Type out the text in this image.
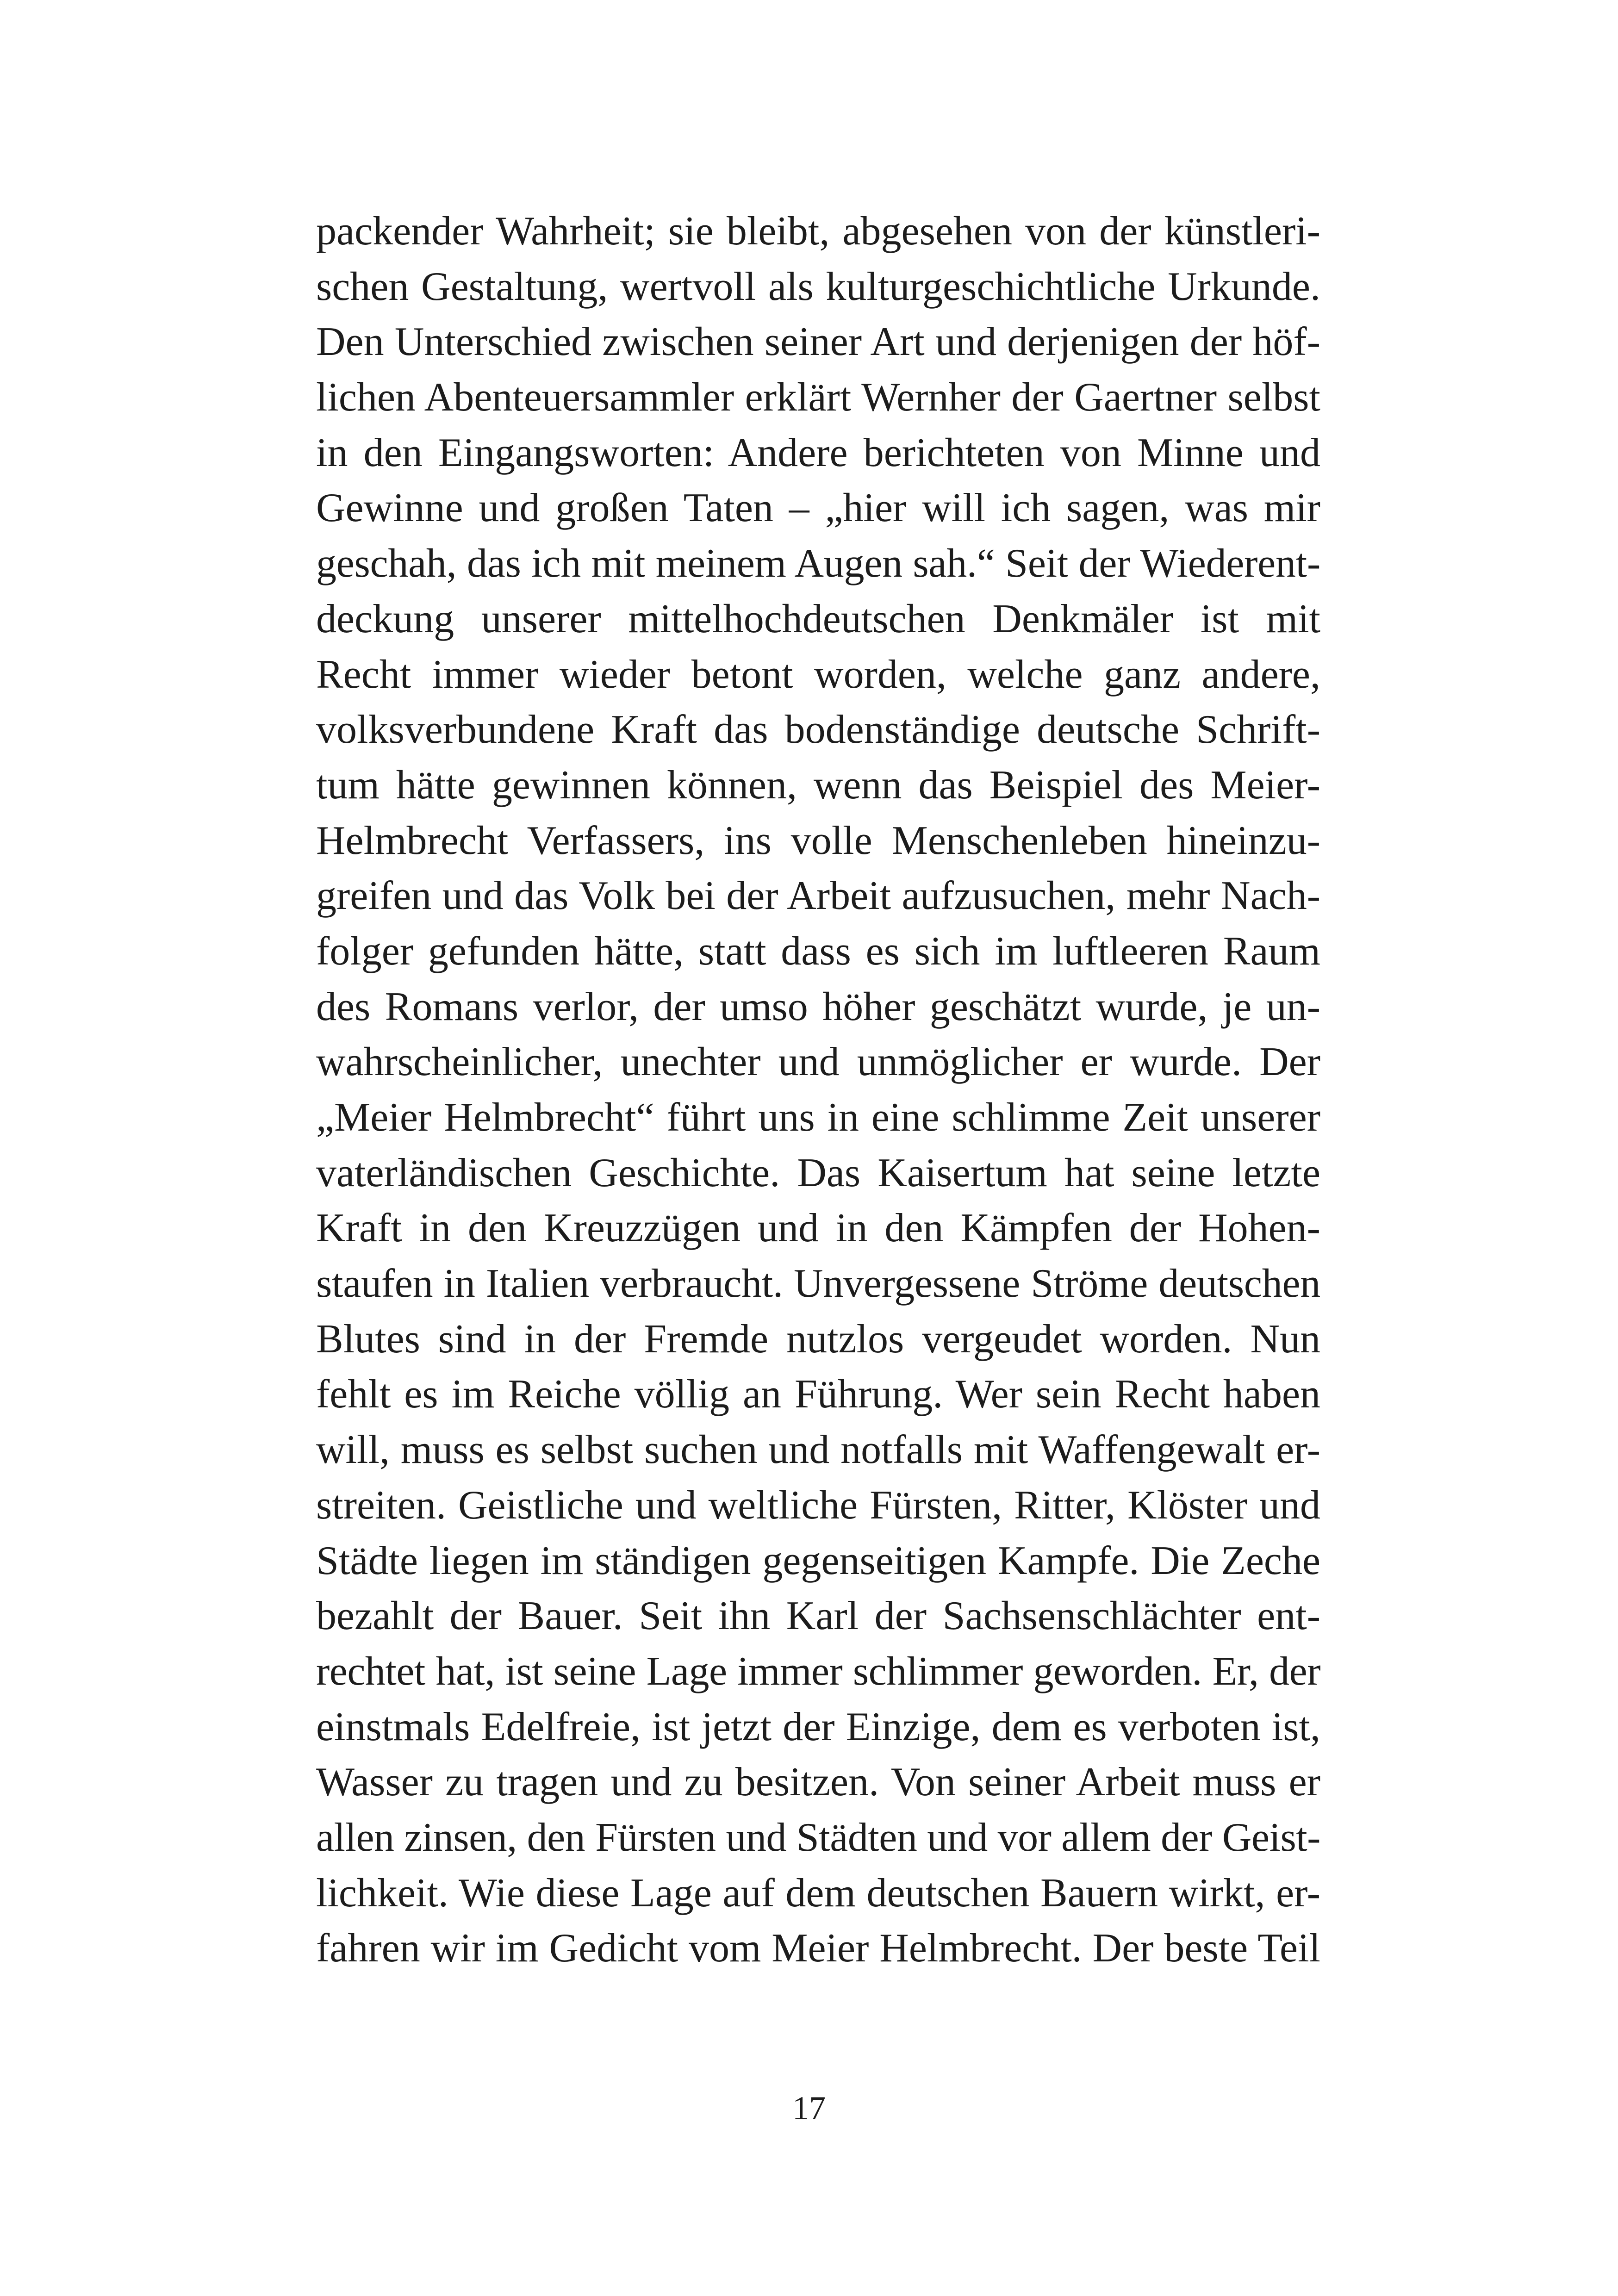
packender Wahrheit; sie bleibt, abgesehen von der künstleri-
schen Gestaltung, wertvoll als kulturgeschichtliche Urkunde.
Den Unterschied zwischen seiner Art und derjenigen der höf-
lichen Abenteuersammler erklärt Wernher der Gaertner selbst
in den Eingangsworten: Andere berichteten von Minne und
Gewinne und großen Taten – „hier will ich sagen, was mir
geschah, das ich mit meinem Augen sah.“ Seit der Wiederent-
deckung unserer mittelhochdeutschen Denkmäler ist mit
Recht immer wieder betont worden, welche ganz andere,
volksverbundene Kraft das bodenständige deutsche Schrift-
tum hätte gewinnen können, wenn das Beispiel des Meier-
Helmbrecht Verfassers, ins volle Menschenleben hineinzu-
greifen und das Volk bei der Arbeit aufzusuchen, mehr Nach-
folger gefunden hätte, statt dass es sich im luftleeren Raum
des Romans verlor, der umso höher geschätzt wurde, je un-
wahrscheinlicher, unechter und unmöglicher er wurde. Der
„Meier Helmbrecht“ führt uns in eine schlimme Zeit unserer
vaterländischen Geschichte. Das Kaisertum hat seine letzte
Kraft in den Kreuzzügen und in den Kämpfen der Hohen-
staufen in Italien verbraucht. Unvergessene Ströme deutschen
Blutes sind in der Fremde nutzlos vergeudet worden. Nun
fehlt es im Reiche völlig an Führung. Wer sein Recht haben
will, muss es selbst suchen und notfalls mit Waffengewalt er-
streiten. Geistliche und weltliche Fürsten, Ritter, Klöster und
Städte liegen im ständigen gegenseitigen Kampfe. Die Zeche
bezahlt der Bauer. Seit ihn Karl der Sachsenschlächter ent-
rechtet hat, ist seine Lage immer schlimmer geworden. Er, der
einstmals Edelfreie, ist jetzt der Einzige, dem es verboten ist,
Wasser zu tragen und zu besitzen. Von seiner Arbeit muss er
allen zinsen, den Fürsten und Städten und vor allem der Geist-
lichkeit. Wie diese Lage auf dem deutschen Bauern wirkt, er-
fahren wir im Gedicht vom Meier Helmbrecht. Der beste Teil
17
